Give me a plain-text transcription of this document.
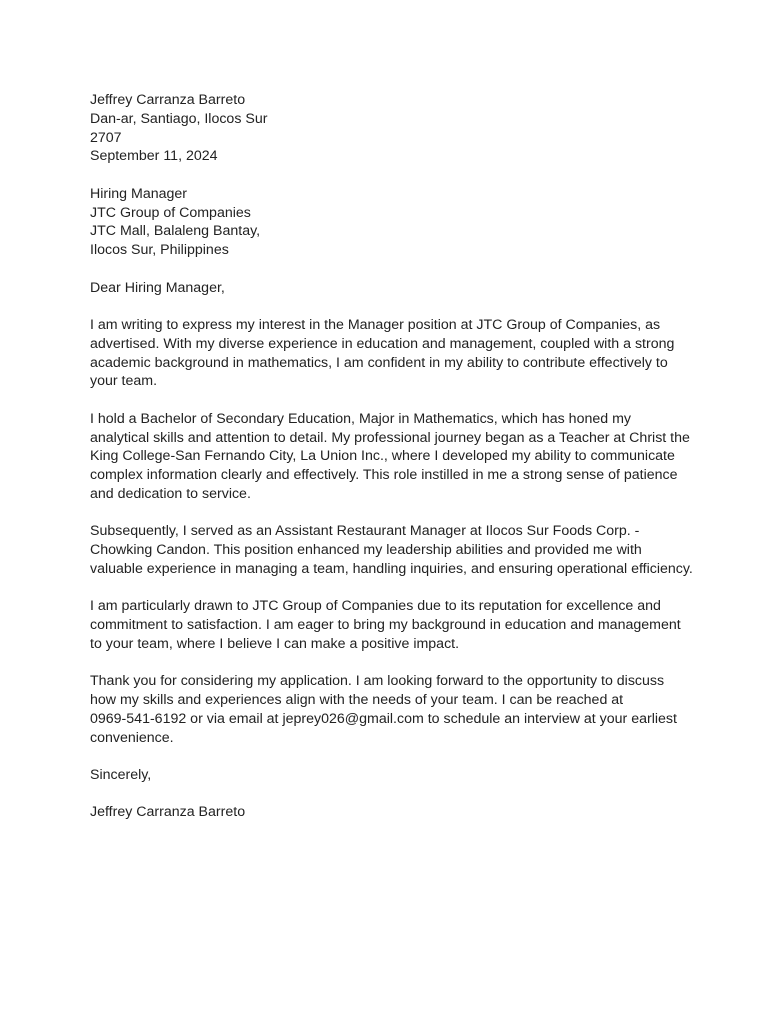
Jeffrey Carranza Barreto
Dan-ar, Santiago, Ilocos Sur
2707
September 11, 2024
Hiring Manager
JTC Group of Companies
JTC Mall, Balaleng Bantay,
Ilocos Sur, Philippines
Dear Hiring Manager,
I am writing to express my interest in the Manager position at JTC Group of Companies, as
advertised. With my diverse experience in education and management, coupled with a strong
academic background in mathematics, I am confident in my ability to contribute effectively to
your team.
I hold a Bachelor of Secondary Education, Major in Mathematics, which has honed my
analytical skills and attention to detail. My professional journey began as a Teacher at Christ the
King College-San Fernando City, La Union Inc., where I developed my ability to communicate
complex information clearly and effectively. This role instilled in me a strong sense of patience
and dedication to service.
Subsequently, I served as an Assistant Restaurant Manager at Ilocos Sur Foods Corp. -
Chowking Candon. This position enhanced my leadership abilities and provided me with
valuable experience in managing a team, handling inquiries, and ensuring operational efficiency.
I am particularly drawn to JTC Group of Companies due to its reputation for excellence and
commitment to satisfaction. I am eager to bring my background in education and management
to your team, where I believe I can make a positive impact.
Thank you for considering my application. I am looking forward to the opportunity to discuss
how my skills and experiences align with the needs of your team. I can be reached at
0969-541-6192 or via email at jeprey026@gmail.com to schedule an interview at your earliest
convenience.
Sincerely,
Jeffrey Carranza Barreto
